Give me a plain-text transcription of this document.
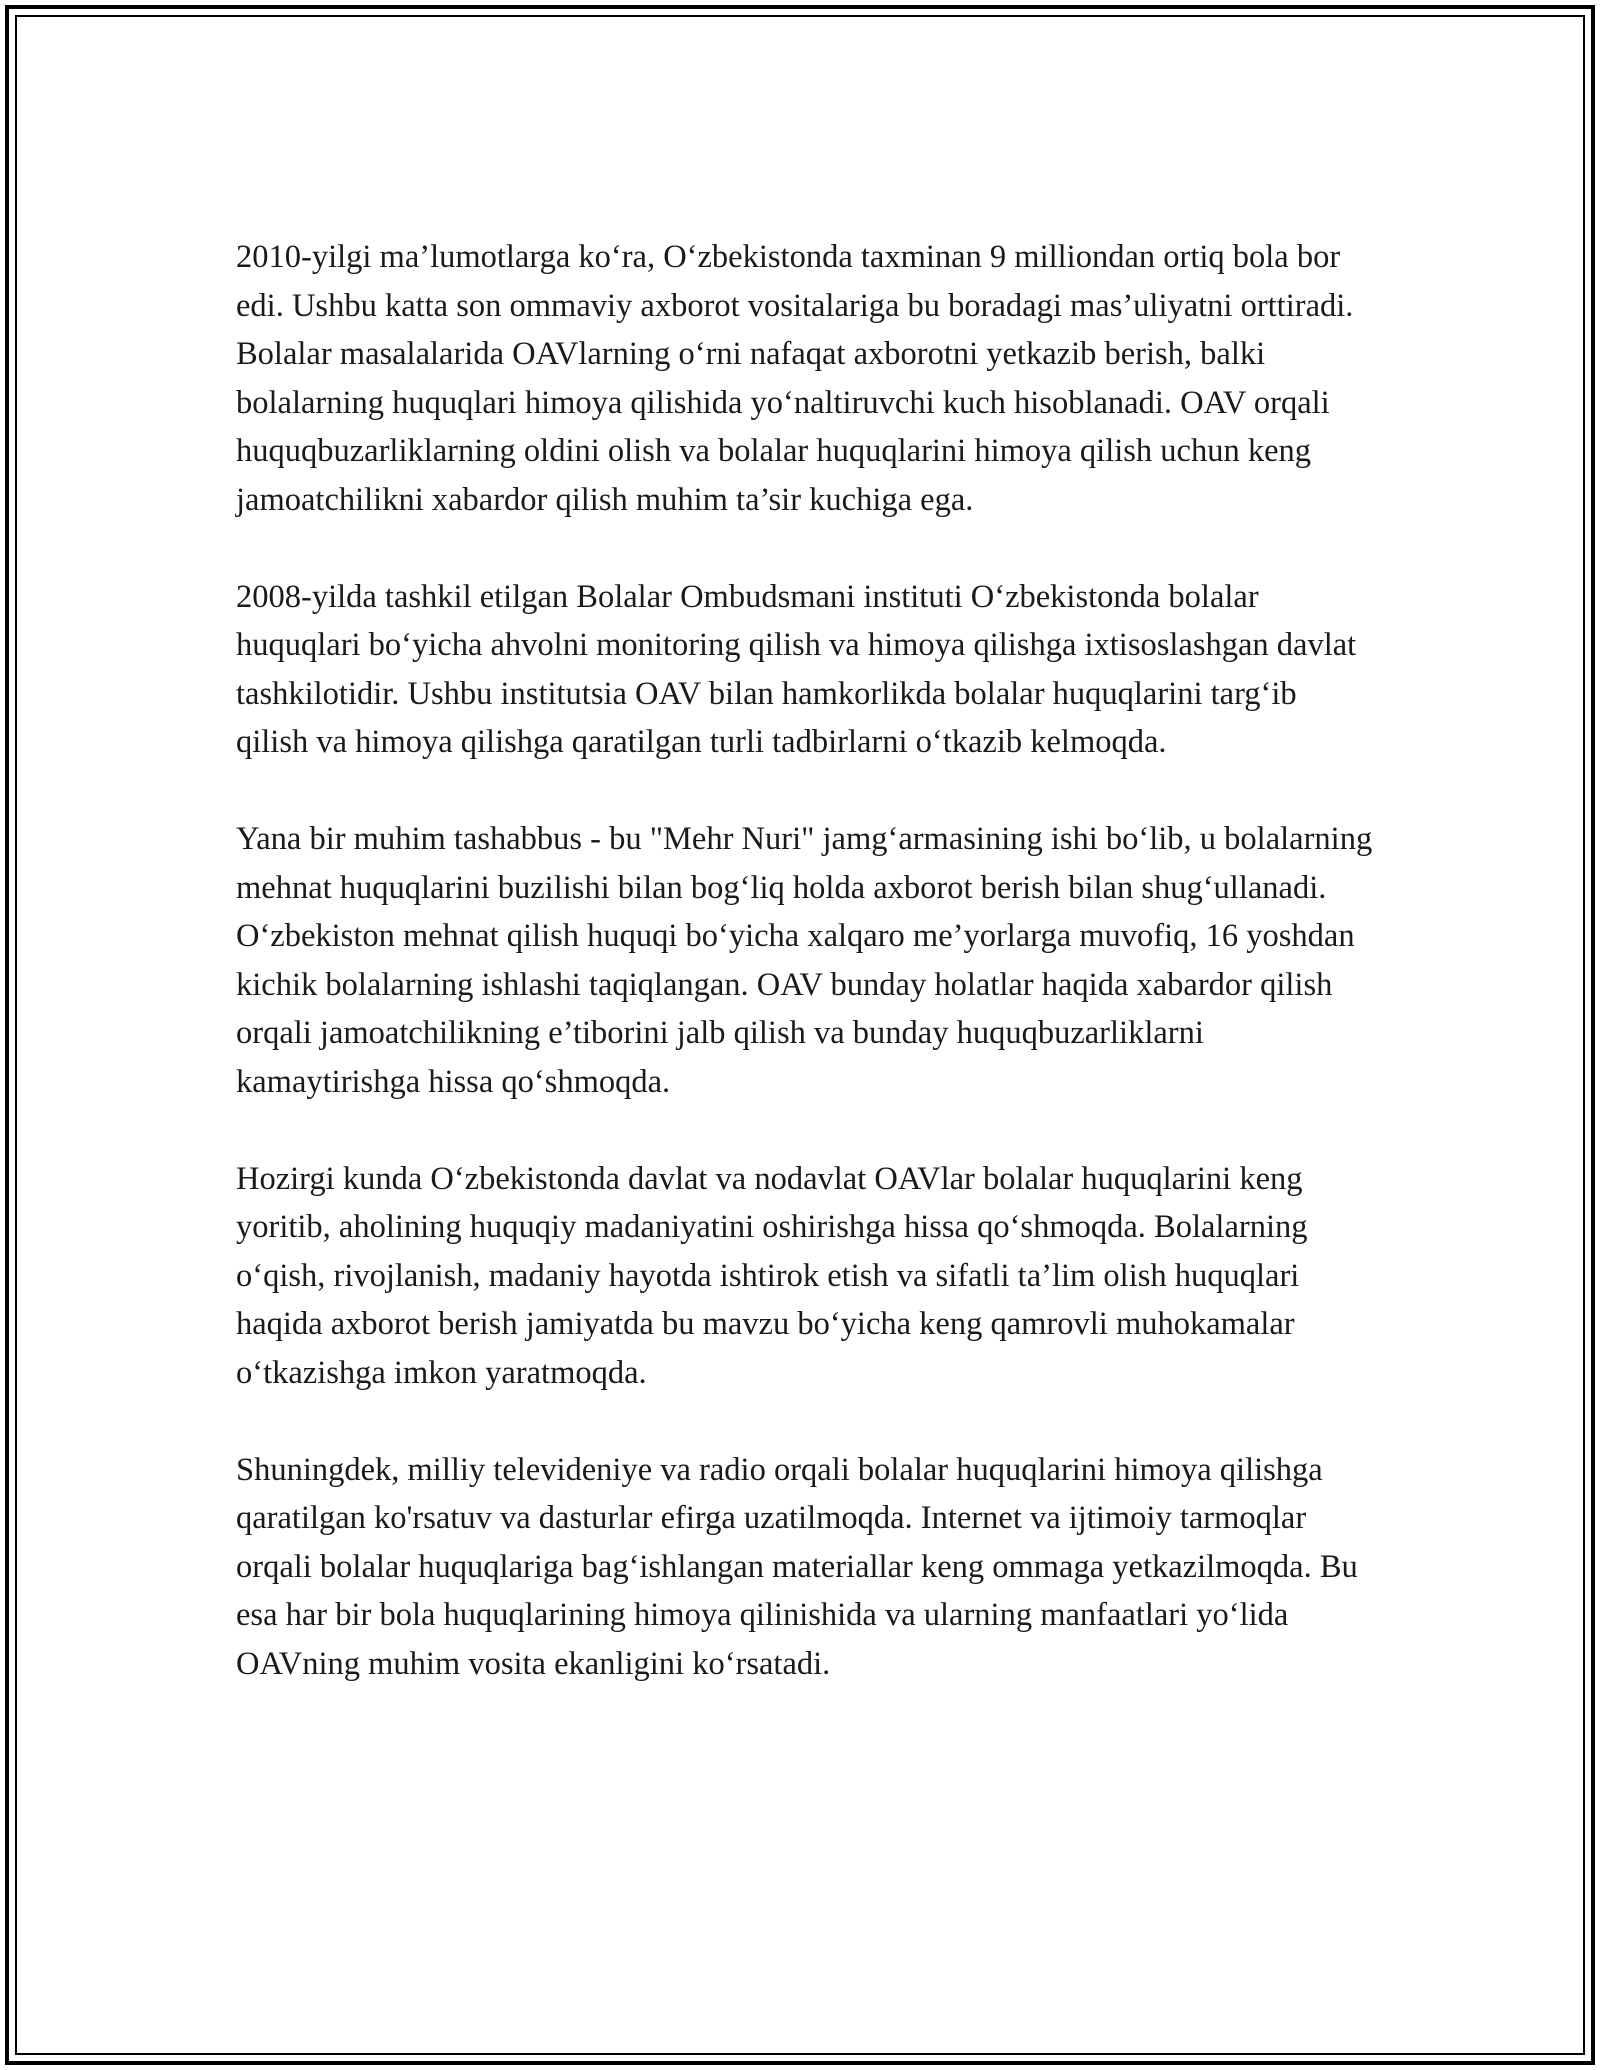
2010-yilgi ma’lumotlarga ko‘ra, O‘zbekistonda taxminan 9 milliondan ortiq bola bor edi. Ushbu katta son ommaviy axborot vositalariga bu boradagi mas’uliyatni orttiradi. Bolalar masalalarida OAVlarning o‘rni nafaqat axborotni yetkazib berish, balki bolalarning huquqlari himoya qilishida yo‘naltiruvchi kuch hisoblanadi. OAV orqali huquqbuzarliklarning oldini olish va bolalar huquqlarini himoya qilish uchun keng jamoatchilikni xabardor qilish muhim ta’sir kuchiga ega.

2008-yilda tashkil etilgan Bolalar Ombudsmani instituti O‘zbekistonda bolalar huquqlari bo‘yicha ahvolni monitoring qilish va himoya qilishga ixtisoslashgan davlat tashkilotidir. Ushbu institutsia OAV bilan hamkorlikda bolalar huquqlarini targ‘ib qilish va himoya qilishga qaratilgan turli tadbirlarni o‘tkazib kelmoqda.

Yana bir muhim tashabbus - bu "Mehr Nuri" jamg‘armasining ishi bo‘lib, u bolalarning mehnat huquqlarini buzilishi bilan bog‘liq holda axborot berish bilan shug‘ullanadi. O‘zbekiston mehnat qilish huquqi bo‘yicha xalqaro me’yorlarga muvofiq, 16 yoshdan kichik bolalarning ishlashi taqiqlangan. OAV bunday holatlar haqida xabardor qilish orqali jamoatchilikning e’tiborini jalb qilish va bunday huquqbuzarliklarni kamaytirishga hissa qo‘shmoqda.

Hozirgi kunda O‘zbekistonda davlat va nodavlat OAVlar bolalar huquqlarini keng yoritib, aholining huquqiy madaniyatini oshirishga hissa qo‘shmoqda. Bolalarning o‘qish, rivojlanish, madaniy hayotda ishtirok etish va sifatli ta’lim olish huquqlari haqida axborot berish jamiyatda bu mavzu bo‘yicha keng qamrovli muhokamalar o‘tkazishga imkon yaratmoqda.

Shuningdek, milliy televideniye va radio orqali bolalar huquqlarini himoya qilishga qaratilgan ko'rsatuv va dasturlar efirga uzatilmoqda. Internet va ijtimoiy tarmoqlar orqali bolalar huquqlariga bag‘ishlangan materiallar keng ommaga yetkazilmoqda. Bu esa har bir bola huquqlarining himoya qilinishida va ularning manfaatlari yo‘lida OAVning muhim vosita ekanligini ko‘rsatadi.
